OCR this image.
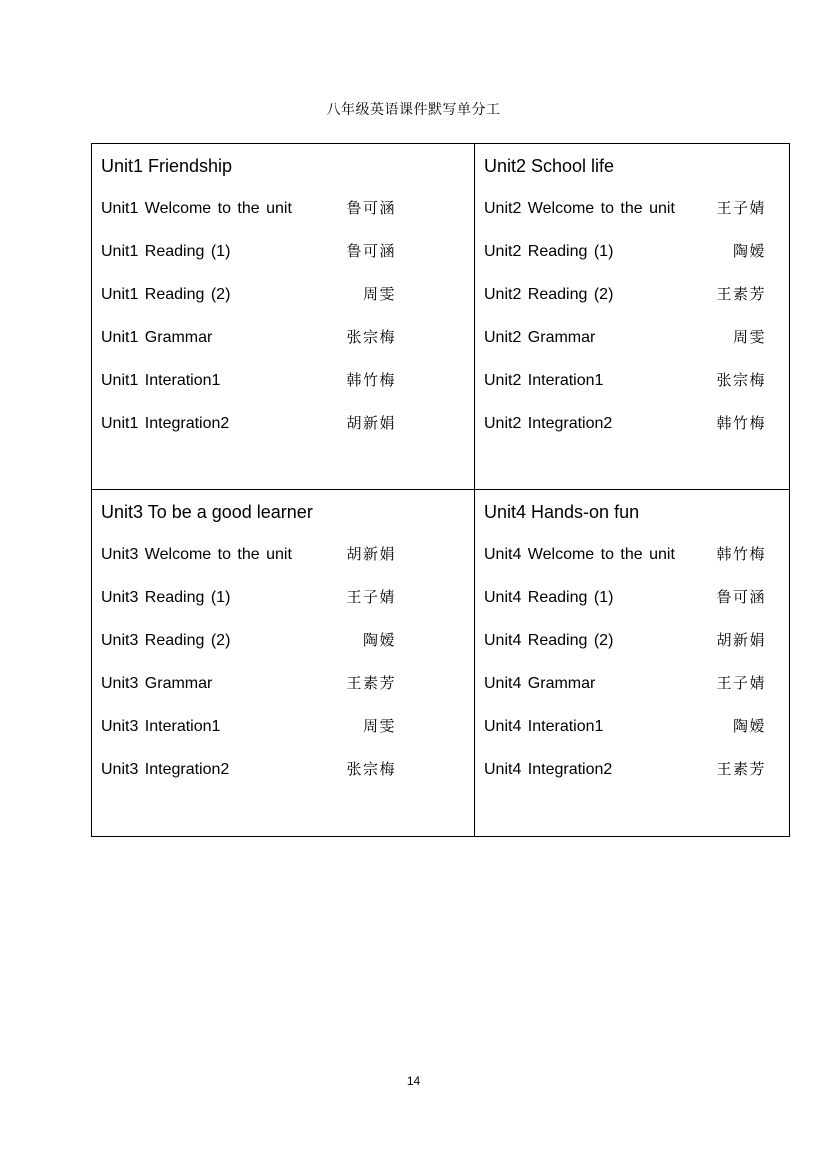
八年级英语课件默写单分工
Unit1 Friendship
Unit1 Welcome to the unit	鲁可涵
Unit1 Reading (1)	鲁可涵
Unit1 Reading (2)	周雯
Unit1 Grammar	张宗梅
Unit1 Interation1	韩竹梅
Unit1 Integration2	胡新娟
Unit2 School life
Unit2 Welcome to the unit	王子婧
Unit2 Reading (1)	陶嫒
Unit2 Reading (2)	王素芳
Unit2 Grammar	周雯
Unit2 Interation1	张宗梅
Unit2 Integration2	韩竹梅
Unit3 To be a good learner
Unit3 Welcome to the unit	胡新娟
Unit3 Reading (1)	王子婧
Unit3 Reading (2)	陶嫒
Unit3 Grammar	王素芳
Unit3 Interation1	周雯
Unit3 Integration2	张宗梅
Unit4 Hands-on fun
Unit4 Welcome to the unit	韩竹梅
Unit4 Reading (1)	鲁可涵
Unit4 Reading (2)	胡新娟
Unit4 Grammar	王子婧
Unit4 Interation1	陶嫒
Unit4 Integration2	王素芳
14
